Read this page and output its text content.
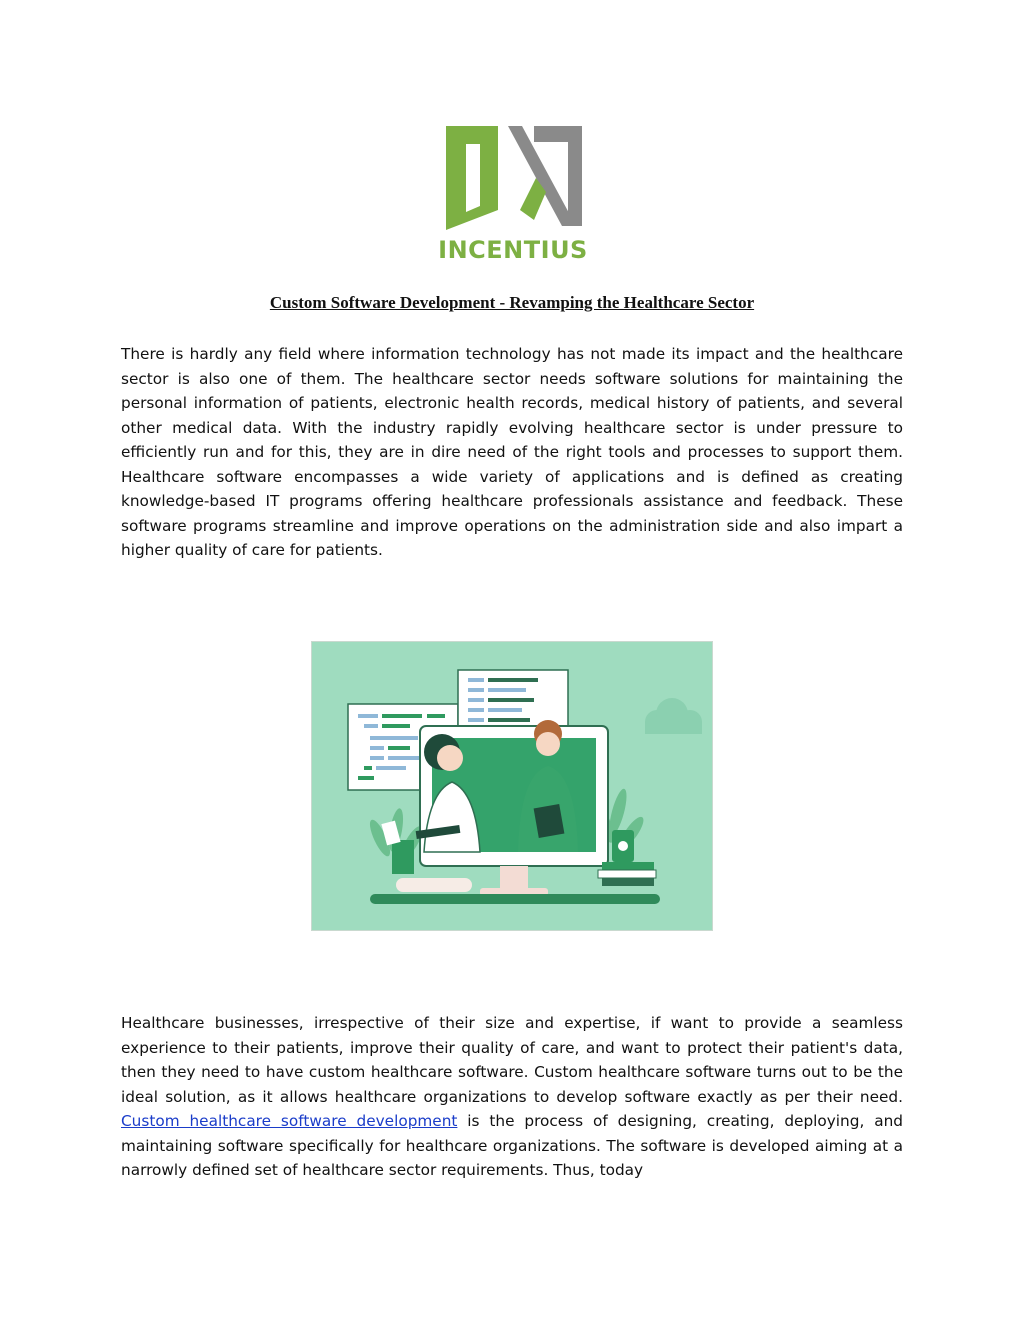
INCENTIUS
Custom Software Development - Revamping the Healthcare Sector

There is hardly any field where information technology has not made its impact and the healthcare sector is also one of them. The healthcare sector needs software solutions for maintaining the personal information of patients, electronic health records, medical history of patients, and several other medical data. With the industry rapidly evolving healthcare sector is under pressure to efficiently run and for this, they are in dire need of the right tools and processes to support them. Healthcare software encompasses a wide variety of applications and is defined as creating knowledge-based IT programs offering healthcare professionals assistance and feedback. These software programs streamline and improve operations on the administration side and also impart a higher quality of care for patients.

Healthcare businesses, irrespective of their size and expertise, if want to provide a seamless experience to their patients, improve their quality of care, and want to protect their patient's data, then they need to have custom healthcare software. Custom healthcare software turns out to be the ideal solution, as it allows healthcare organizations to develop software exactly as per their need. Custom healthcare software development is the process of designing, creating, deploying, and maintaining software specifically for healthcare organizations. The software is developed aiming at a narrowly defined set of healthcare sector requirements. Thus, today
